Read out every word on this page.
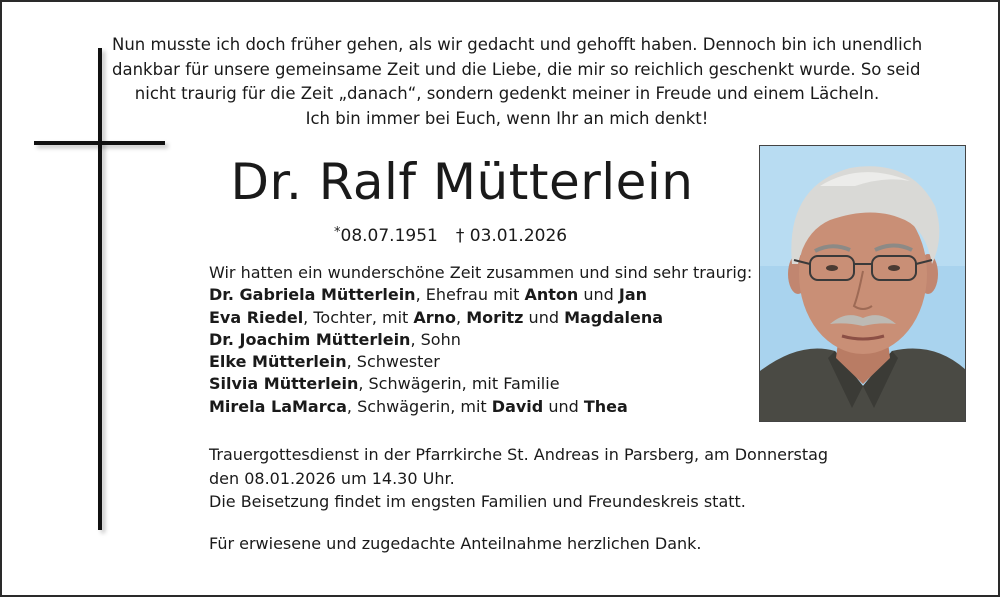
Nun musste ich doch früher gehen, als wir gedacht und gehofft haben. Dennoch bin ich unendlich
dankbar für unsere gemeinsame Zeit und die Liebe, die mir so reichlich geschenkt wurde. So seid
nicht traurig für die Zeit „danach“, sondern gedenkt meiner in Freude und einem Lächeln.
Ich bin immer bei Euch, wenn Ihr an mich denkt!
Dr. Ralf Mütterlein
*08.07.1951 † 03.01.2026
Wir hatten ein wunderschöne Zeit zusammen und sind sehr traurig:
Dr. Gabriela Mütterlein, Ehefrau mit Anton und Jan
Eva Riedel, Tochter, mit Arno, Moritz und Magdalena
Dr. Joachim Mütterlein, Sohn
Elke Mütterlein, Schwester
Silvia Mütterlein, Schwägerin, mit Familie
Mirela LaMarca, Schwägerin, mit David und Thea
Trauergottesdienst in der Pfarrkirche St. Andreas in Parsberg, am Donnerstag
den 08.01.2026 um 14.30 Uhr.
Die Beisetzung findet im engsten Familien und Freundeskreis statt.
Für erwiesene und zugedachte Anteilnahme herzlichen Dank.
